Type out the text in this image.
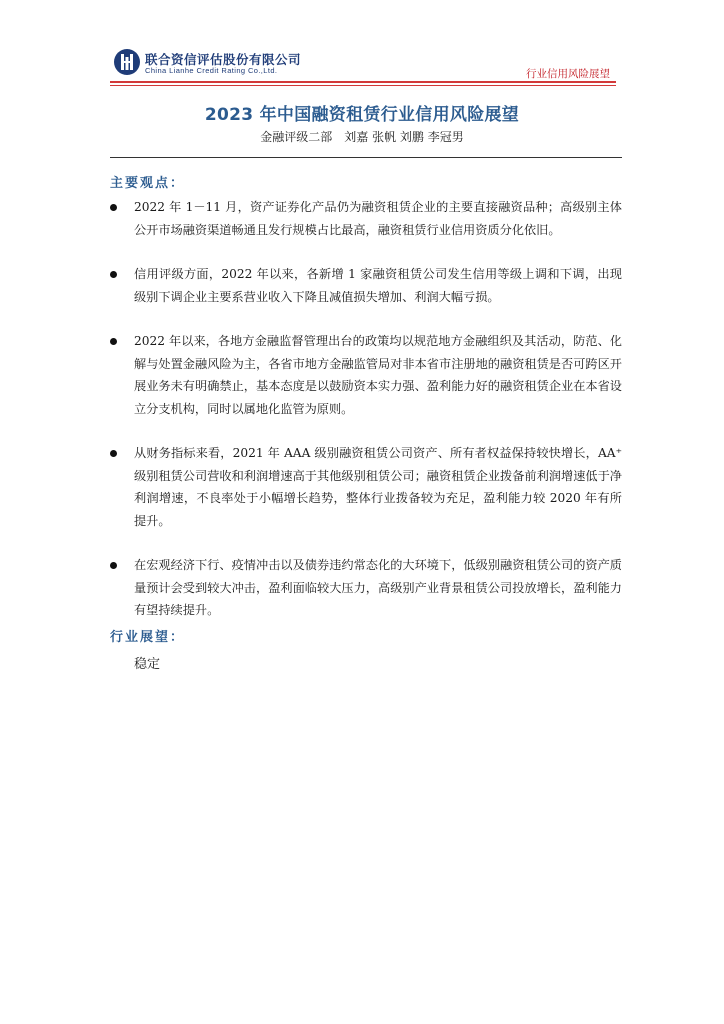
联合资信评估股份有限公司
China Lianhe Credit Rating Co.,Ltd.	行业信用风险展望
2023 年中国融资租赁行业信用风险展望
金融评级二部　刘嘉 张帆 刘鹏 李冠男
主要观点：
2022 年 1－11 月，资产证券化产品仍为融资租赁企业的主要直接融资品种；高级别主体公开市场融资渠道畅通且发行规模占比最高，融资租赁行业信用资质分化依旧。
信用评级方面，2022 年以来，各新增 1 家融资租赁公司发生信用等级上调和下调，出现级别下调企业主要系营业收入下降且减值损失增加、利润大幅亏损。
2022 年以来，各地方金融监督管理出台的政策均以规范地方金融组织及其活动，防范、化解与处置金融风险为主，各省市地方金融监管局对非本省市注册地的融资租赁是否可跨区开展业务未有明确禁止，基本态度是以鼓励资本实力强、盈利能力好的融资租赁企业在本省设立分支机构，同时以属地化监管为原则。
从财务指标来看，2021 年 AAA 级别融资租赁公司资产、所有者权益保持较快增长，AA⁺级别租赁公司营收和利润增速高于其他级别租赁公司；融资租赁企业拨备前利润增速低于净利润增速，不良率处于小幅增长趋势，整体行业拨备较为充足，盈利能力较 2020 年有所提升。
在宏观经济下行、疫情冲击以及债券违约常态化的大环境下，低级别融资租赁公司的资产质量预计会受到较大冲击，盈利面临较大压力，高级别产业背景租赁公司投放增长，盈利能力有望持续提升。
行业展望：
稳定
